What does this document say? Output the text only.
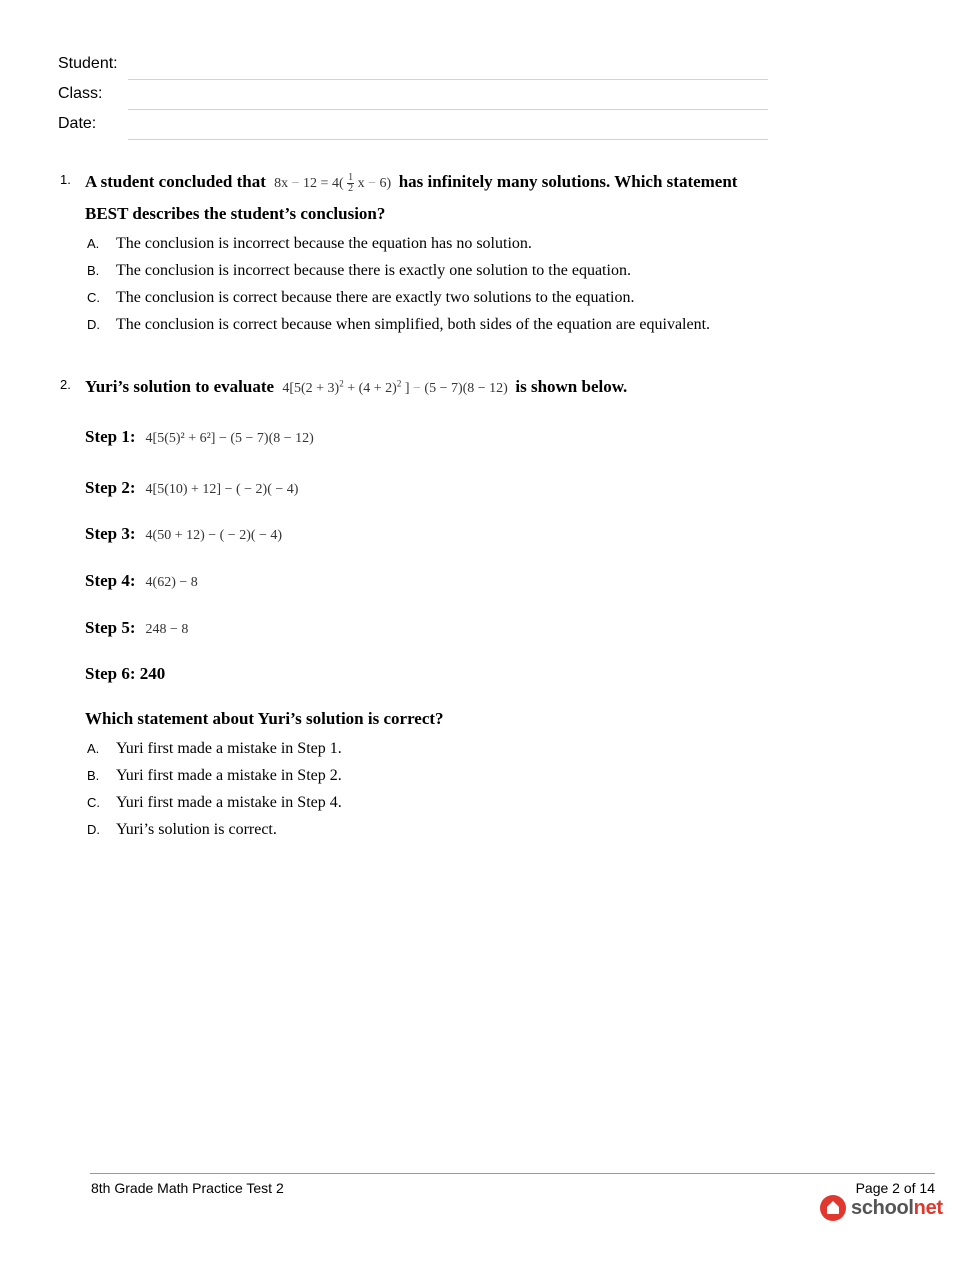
Student:
Class:
Date:
1. A student concluded that $8x - 12 = 4( \frac{1}{2}$ x − 6) has infinitely many solutions. Which statement
BEST describes the student’s conclusion?
A. The conclusion is incorrect because the equation has no solution.
B. The conclusion is incorrect because there is exactly one solution to the equation.
C. The conclusion is correct because there are exactly two solutions to the equation.
D. The conclusion is correct because when simplified, both sides of the equation are equivalent.
2. Yuri’s solution to evaluate $4[5(2 + 3)^2 + (4 + 2)^2$ ] − (5 − 7)(8 − 12) is shown below.
Step 1: 4[5(5)² + 6²] − (5 − 7)(8 − 12)
Step 2: 4[5(10) + 12] − ( − 2)( − 4)
Step 3: 4(50 + 12) − ( − 2)( − 4)
Step 4: 4(62) − 8
Step 5: 248 − 8
Step 6: 240
Which statement about Yuri’s solution is correct?
A. Yuri first made a mistake in Step 1.
B. Yuri first made a mistake in Step 2.
C. Yuri first made a mistake in Step 4.
D. Yuri’s solution is correct.
8th Grade Math Practice Test 2	Page 2 of 14
schoolnet
